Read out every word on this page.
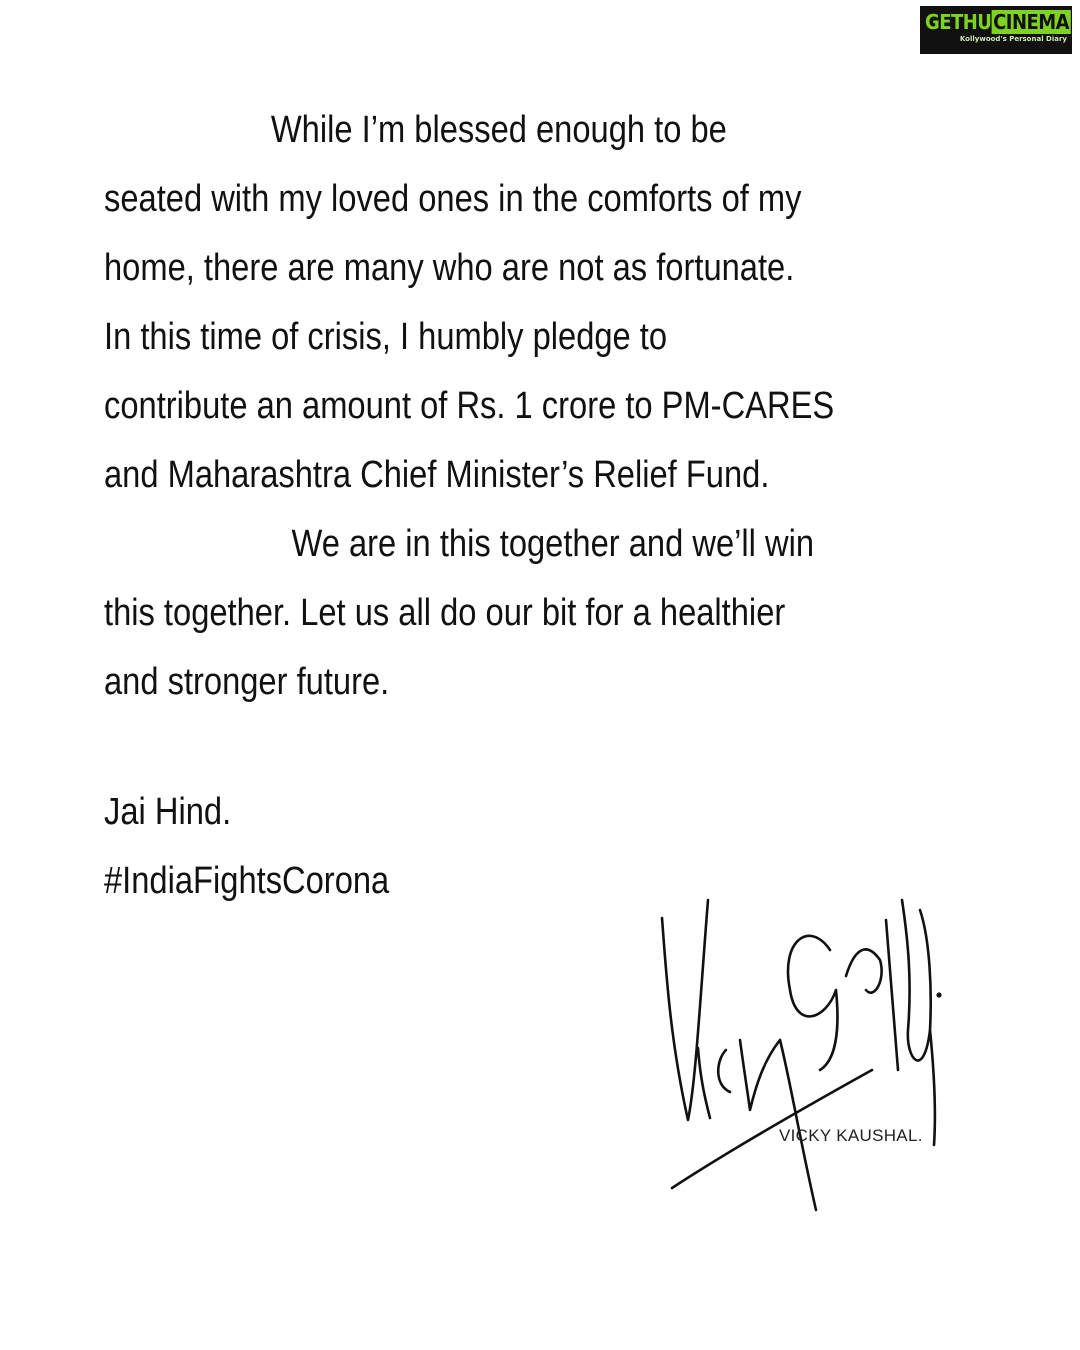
GETHUCINEMA
Kollywood's Personal Diary
While I’m blessed enough to be
seated with my loved ones in the comforts of my
home, there are many who are not as fortunate.
In this time of crisis, I humbly pledge to
contribute an amount of Rs. 1 crore to PM-CARES
and Maharashtra Chief Minister’s Relief Fund.
We are in this together and we’ll win
this together. Let us all do our bit for a healthier
and stronger future.
Jai Hind.
#IndiaFightsCorona
VICKY KAUSHAL.
